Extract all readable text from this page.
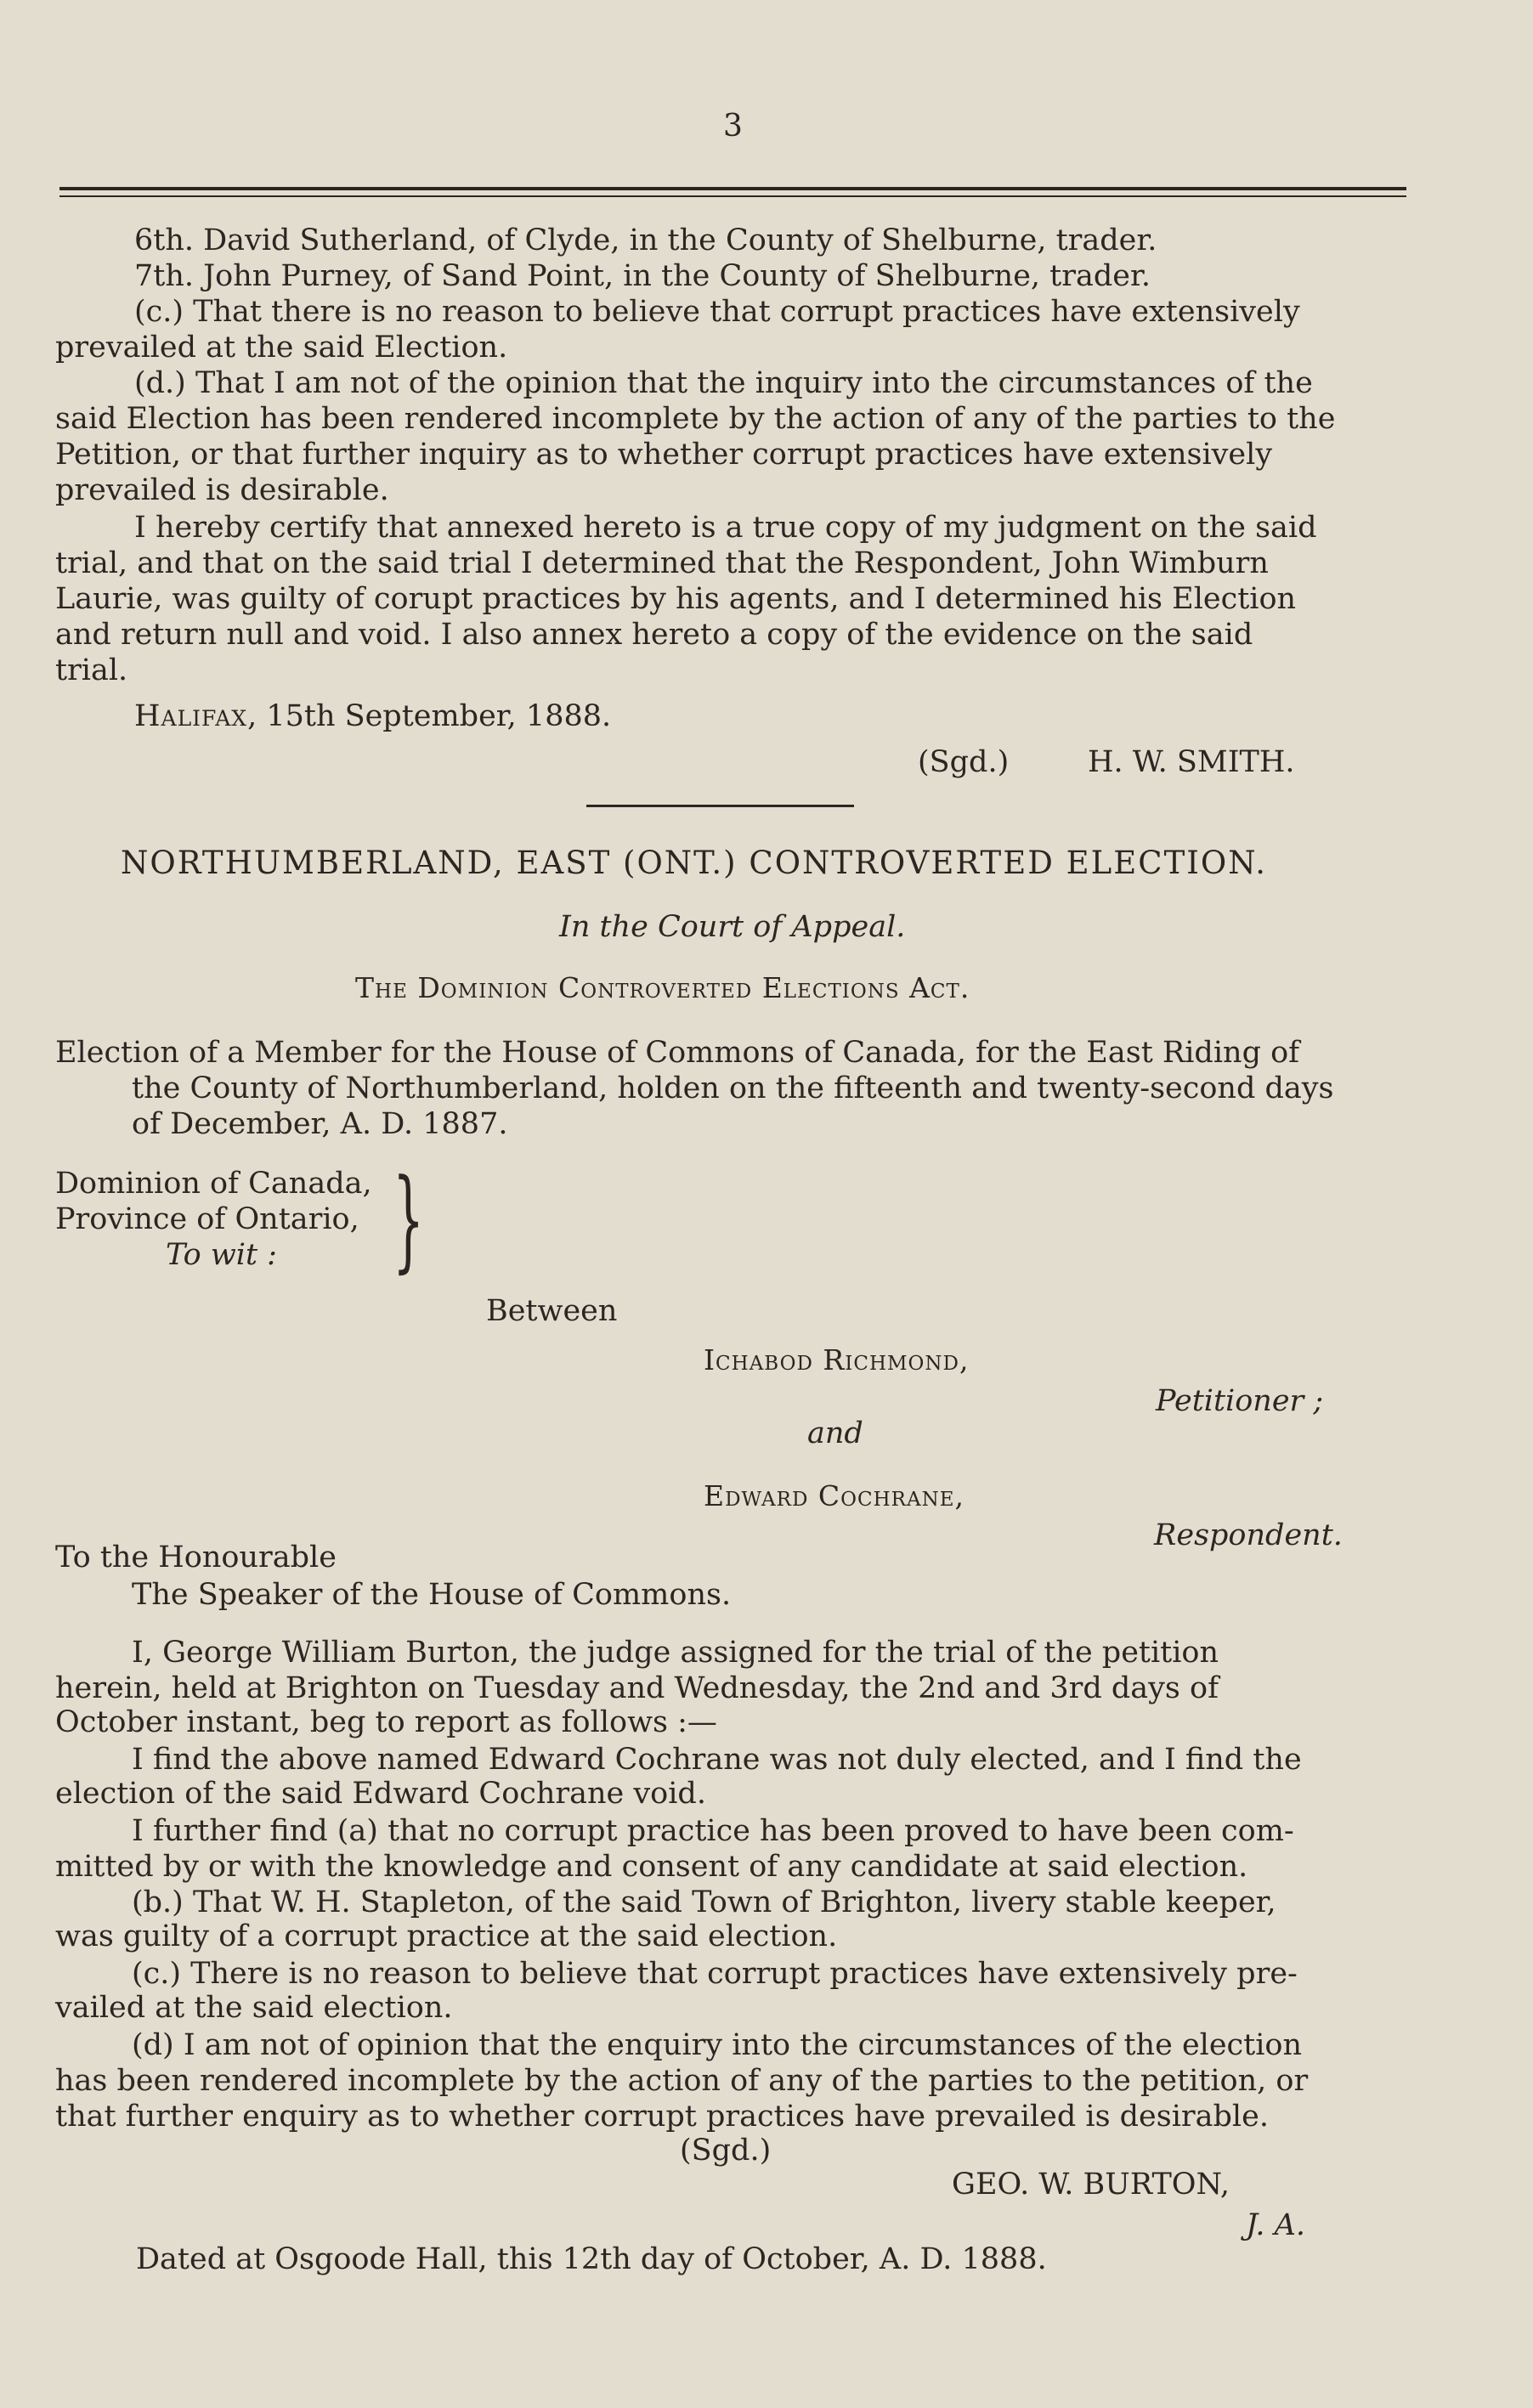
3
6th. David Sutherland, of Clyde, in the County of Shelburne, trader.
7th. John Purney, of Sand Point, in the County of Shelburne, trader.
(c.) That there is no reason to believe that corrupt practices have extensively
prevailed at the said Election.
(d.) That I am not of the opinion that the inquiry into the circumstances of the
said Election has been rendered incomplete by the action of any of the parties to the
Petition, or that further inquiry as to whether corrupt practices have extensively
prevailed is desirable.
I hereby certify that annexed hereto is a true copy of my judgment on the said
trial, and that on the said trial I determined that the Respondent, John Wimburn
Laurie, was guilty of corupt practices by his agents, and I determined his Election
and return null and void. I also annex hereto a copy of the evidence on the said
trial.
Halifax, 15th September, 1888.
(Sgd.)	H. W. SMITH.
NORTHUMBERLAND, EAST (ONT.) CONTROVERTED ELECTION.
In the Court of Appeal.
The Dominion Controverted Elections Act.
Election of a Member for the House of Commons of Canada, for the East Riding of
the County of Northumberland, holden on the fifteenth and twenty-second days
of December, A. D. 1887.
Dominion of Canada,
Province of Ontario,
To wit : }
Between
Ichabod Richmond,
Petitioner ;
and
Edward Cochrane,
Respondent.
To the Honourable
The Speaker of the House of Commons.
I, George William Burton, the judge assigned for the trial of the petition
herein, held at Brighton on Tuesday and Wednesday, the 2nd and 3rd days of
October instant, beg to report as follows :—
I find the above named Edward Cochrane was not duly elected, and I find the
election of the said Edward Cochrane void.
I further find (a) that no corrupt practice has been proved to have been com-
mitted by or with the knowledge and consent of any candidate at said election.
(b.) That W. H. Stapleton, of the said Town of Brighton, livery stable keeper,
was guilty of a corrupt practice at the said election.
(c.) There is no reason to believe that corrupt practices have extensively pre-
vailed at the said election.
(d) I am not of opinion that the enquiry into the circumstances of the election
has been rendered incomplete by the action of any of the parties to the petition, or
that further enquiry as to whether corrupt practices have prevailed is desirable.
(Sgd.)
GEO. W. BURTON,
J. A.
Dated at Osgoode Hall, this 12th day of October, A. D. 1888.
